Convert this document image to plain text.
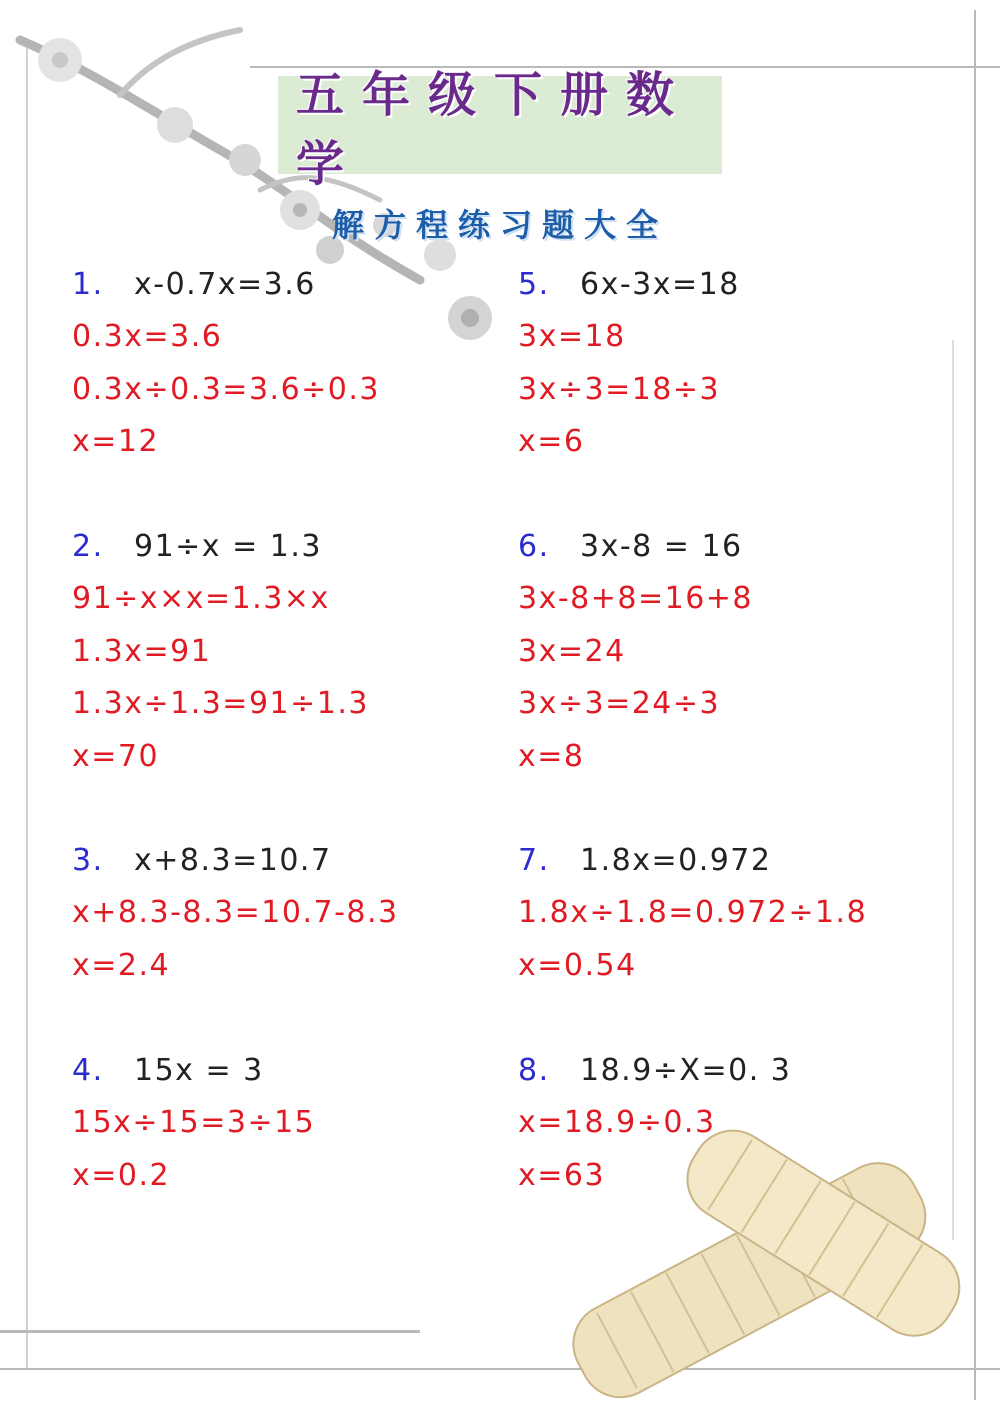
五年级下册数学
解方程练习题大全
1. x-0.7x=3.6
0.3x=3.6
0.3x÷0.3=3.6÷0.3
x=12
2. 91÷x = 1.3
91÷x×x=1.3×x
1.3x=91
1.3x÷1.3=91÷1.3
x=70
3. x+8.3=10.7
x+8.3-8.3=10.7-8.3
x=2.4
4. 15x = 3
15x÷15=3÷15
x=0.2
5. 6x-3x=18
3x=18
3x÷3=18÷3
x=6
6. 3x-8 = 16
3x-8+8=16+8
3x=24
3x÷3=24÷3
x=8
7. 1.8x=0.972
1.8x÷1.8=0.972÷1.8
x=0.54
8. 18.9÷X=0. 3
x=18.9÷0.3
x=63
